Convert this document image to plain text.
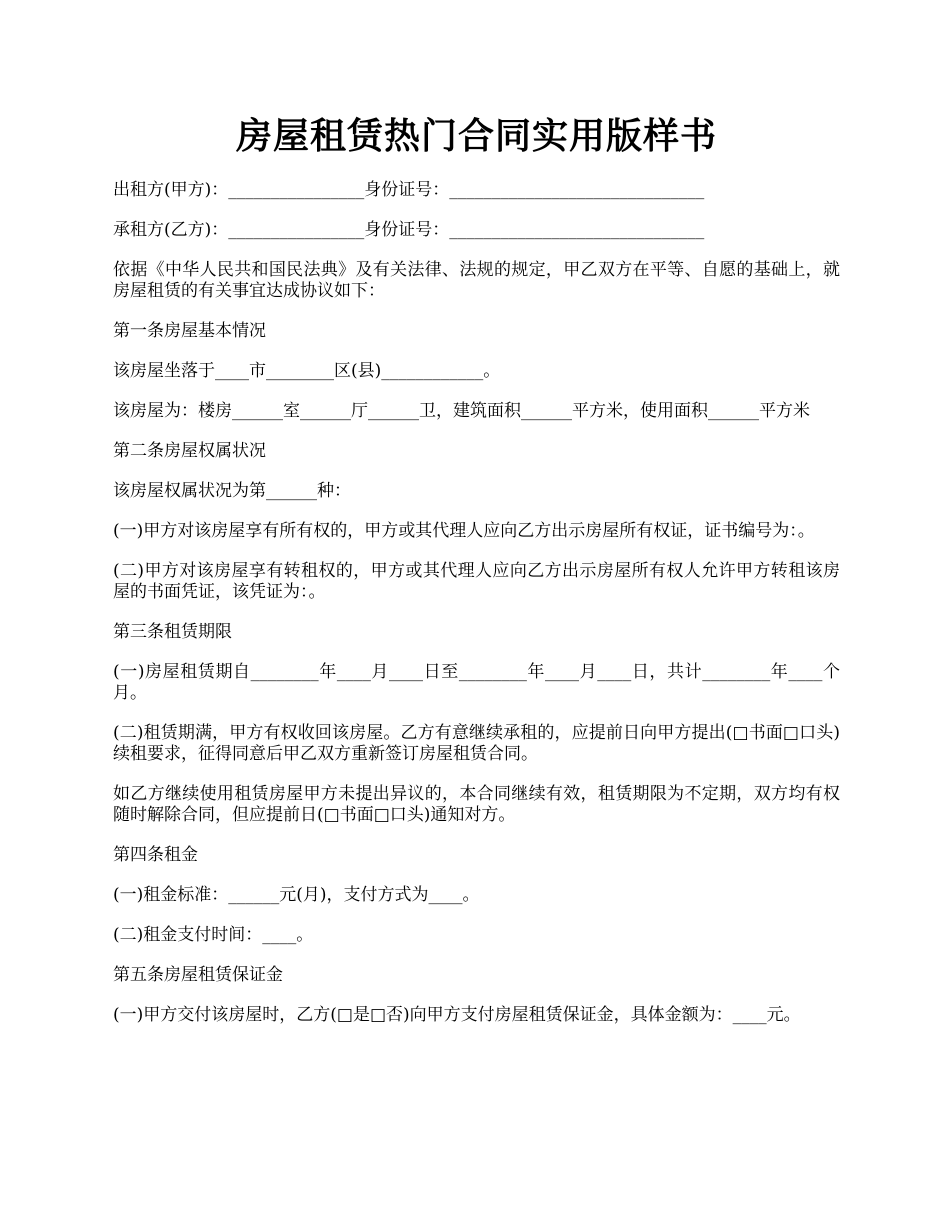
房屋租赁热门合同实用版样书

出租方(甲方)：________________身份证号：______________________________

承租方(乙方)：________________身份证号：______________________________

依据《中华人民共和国民法典》及有关法律、法规的规定，甲乙双方在平等、自愿的基础上，就房屋租赁的有关事宜达成协议如下：

第一条房屋基本情况

该房屋坐落于____市________区(县)____________。

该房屋为：楼房______室______厅______卫，建筑面积______平方米，使用面积______平方米

第二条房屋权属状况

该房屋权属状况为第______种：

(一)甲方对该房屋享有所有权的，甲方或其代理人应向乙方出示房屋所有权证，证书编号为：。

(二)甲方对该房屋享有转租权的，甲方或其代理人应向乙方出示房屋所有权人允许甲方转租该房屋的书面凭证，该凭证为：。

第三条租赁期限

(一)房屋租赁期自________年____月____日至________年____月____日，共计________年____个月。

(二)租赁期满，甲方有权收回该房屋。乙方有意继续承租的，应提前日向甲方提出(□书面□口头)续租要求，征得同意后甲乙双方重新签订房屋租赁合同。

如乙方继续使用租赁房屋甲方未提出异议的，本合同继续有效，租赁期限为不定期，双方均有权随时解除合同，但应提前日(□书面□口头)通知对方。

第四条租金

(一)租金标准：______元(月)，支付方式为____。

(二)租金支付时间：____。

第五条房屋租赁保证金

(一)甲方交付该房屋时，乙方(□是□否)向甲方支付房屋租赁保证金，具体金额为：____元。
